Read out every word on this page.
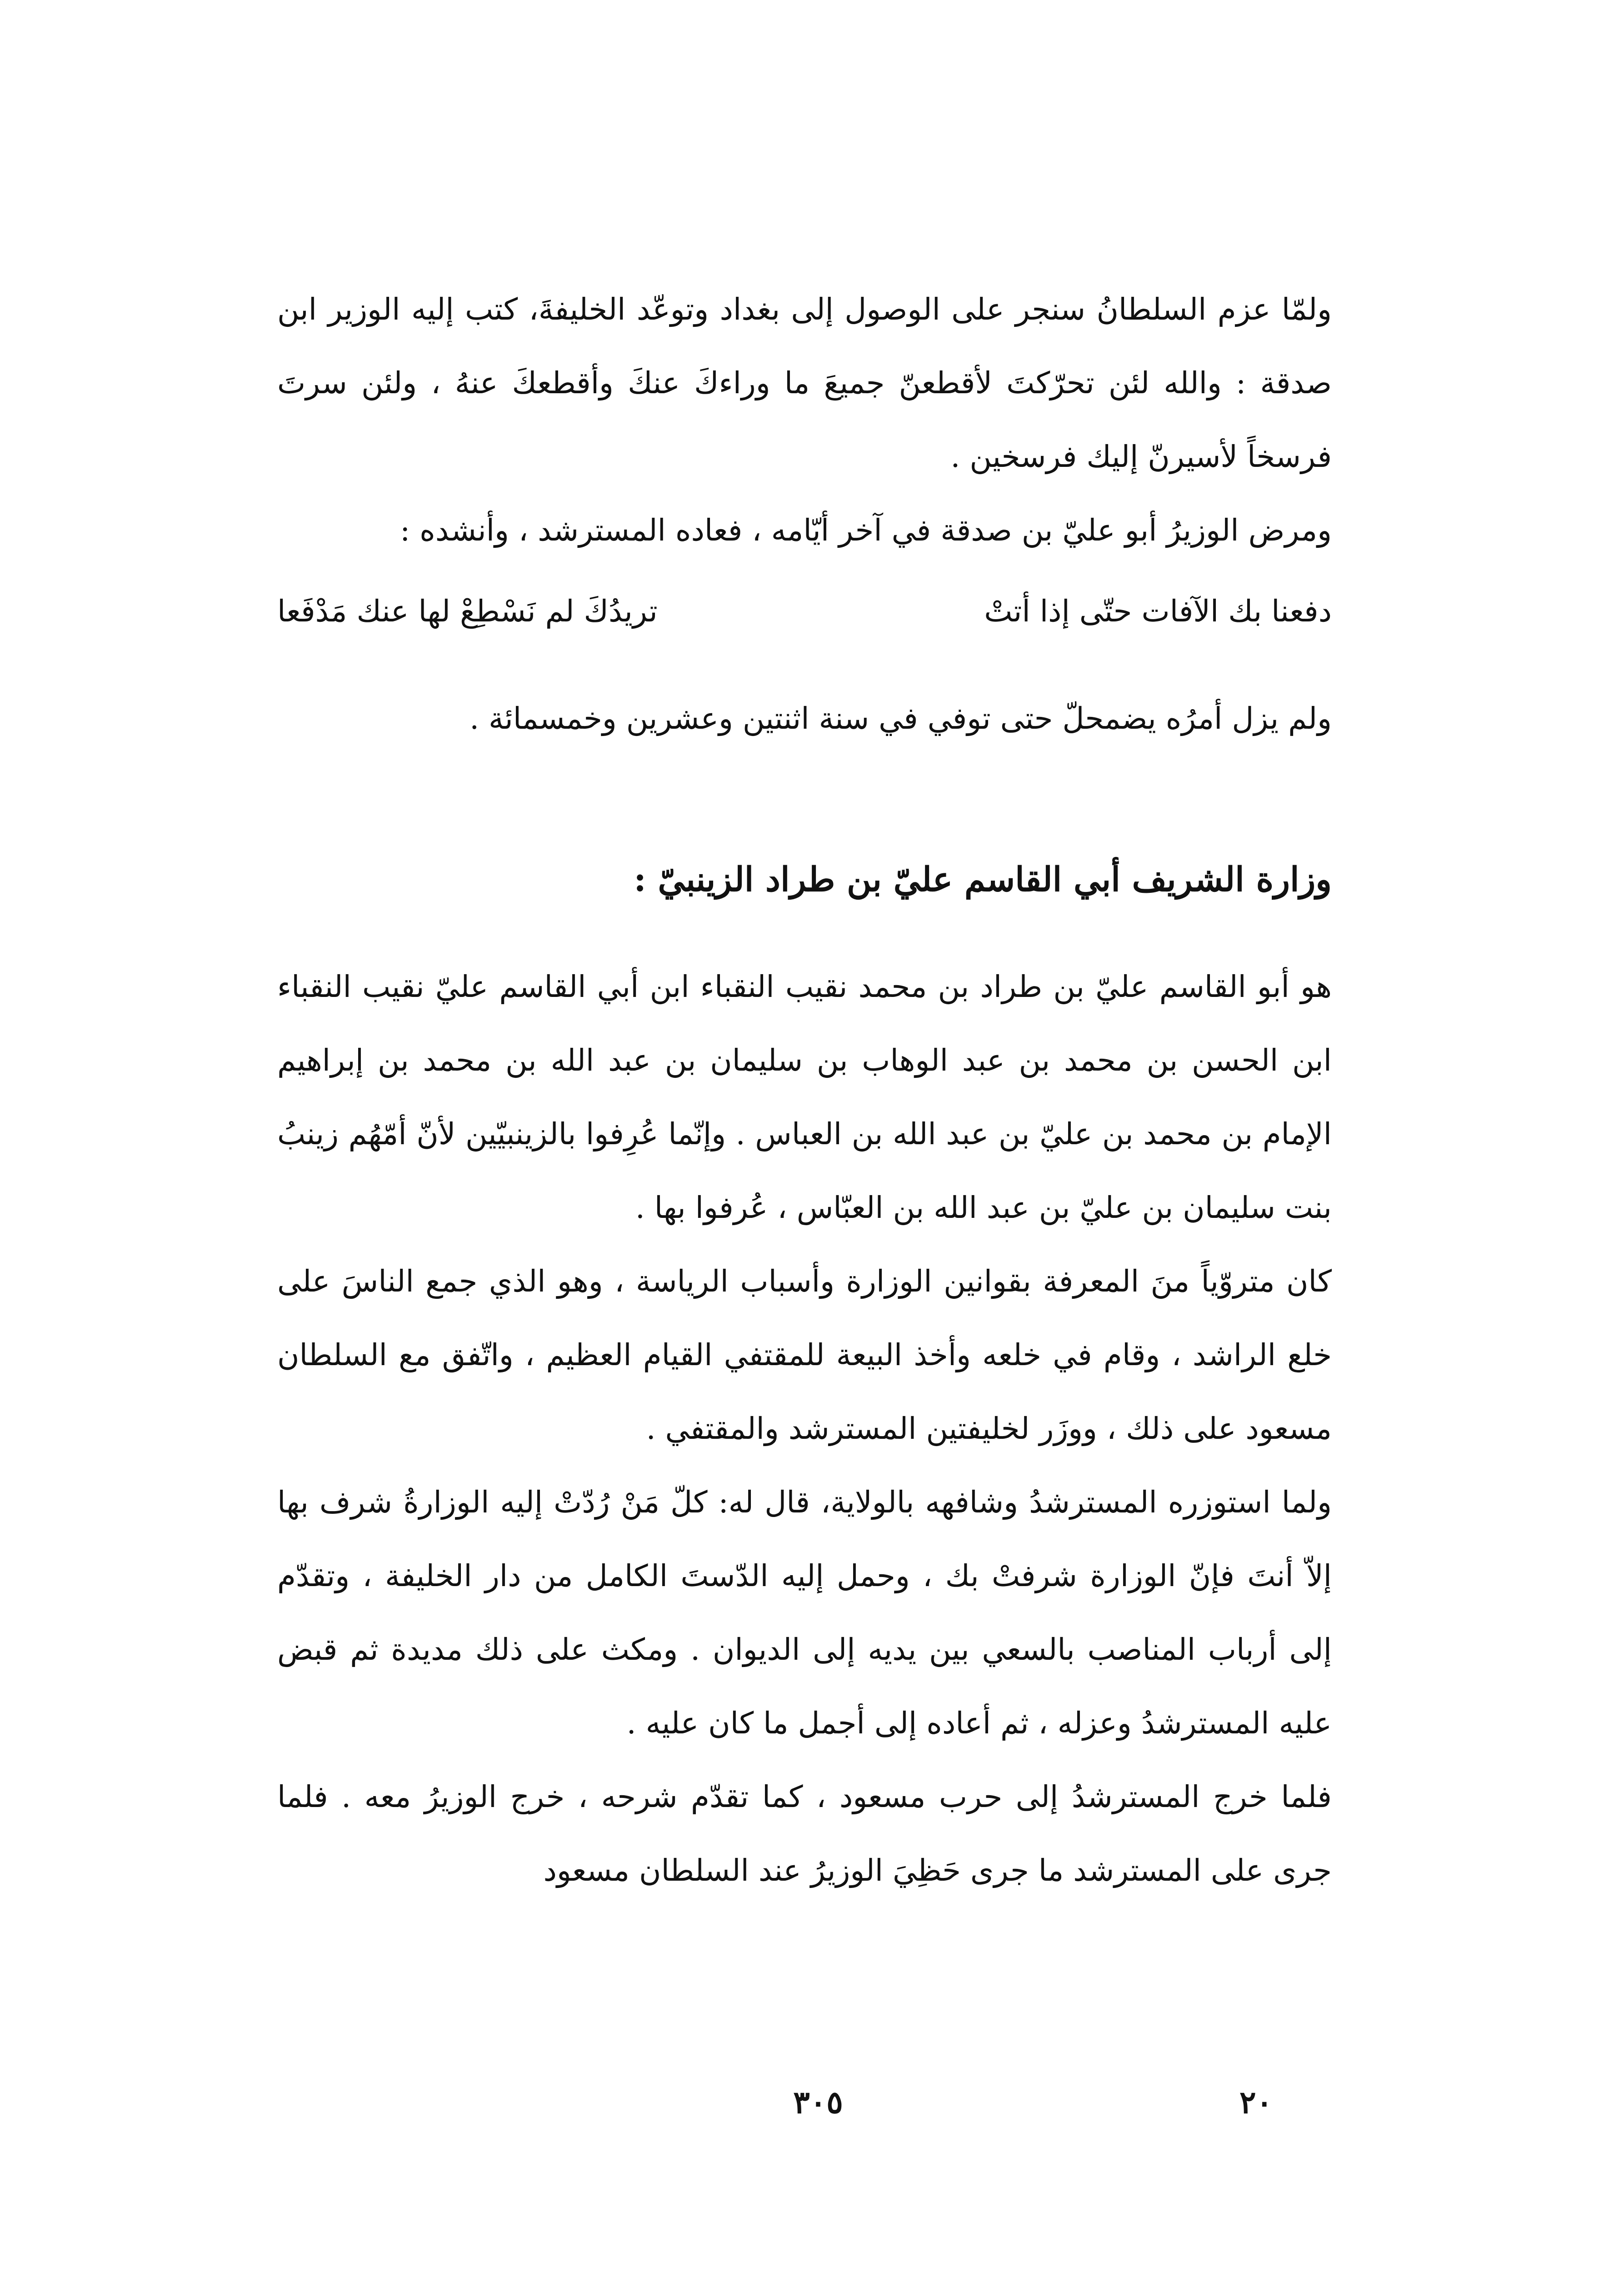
ولمّا عزم السلطانُ سنجر على الوصول إلى بغداد وتوعّد الخليفةَ، كتب إليه الوزير ابن صدقة : والله لئن تحرّكتَ لأقطعنّ جميعَ ما وراءكَ عنكَ وأقطعكَ عنهُ ، ولئن سرتَ فرسخاً لأسيرنّ إليك فرسخين .

ومرض الوزيرُ أبو عليّ بن صدقة في آخر أيّامه ، فعاده المسترشد ، وأنشده :

دفعنا بك الآفات حتّى إذا أتتْ
تريدُكَ لم نَسْطِعْ لها عنك مَدْفَعا

ولم يزل أمرُه يضمحلّ حتى توفي في سنة اثنتين وعشرين وخمسمائة .

وزارة الشريف أبي القاسم عليّ بن طراد الزينبيّ :

هو أبو القاسم عليّ بن طراد بن محمد نقيب النقباء ابن أبي القاسم عليّ نقيب النقباء ابن الحسن بن محمد بن عبد الوهاب بن سليمان بن عبد الله بن محمد بن إبراهيم الإمام بن محمد بن عليّ بن عبد الله بن العباس . وإنّما عُرِفوا بالزينبيّين لأنّ أمّهُم زينبُ بنت سليمان بن عليّ بن عبد الله بن العبّاس ، عُرفوا بها .

كان متروّياً منَ المعرفة بقوانين الوزارة وأسباب الرياسة ، وهو الذي جمع الناسَ على خلع الراشد ، وقام في خلعه وأخذ البيعة للمقتفي القيام العظيم ، واتّفق مع السلطان مسعود على ذلك ، ووزَر لخليفتين المسترشد والمقتفي .

ولما استوزره المسترشدُ وشافهه بالولاية، قال له: كلّ مَنْ رُدّتْ إليه الوزارةُ شرف بها إلاّ أنتَ فإنّ الوزارة شرفتْ بك ، وحمل إليه الدّستَ الكامل من دار الخليفة ، وتقدّم إلى أرباب المناصب بالسعي بين يديه إلى الديوان . ومكث على ذلك مديدة ثم قبض عليه المسترشدُ وعزله ، ثم أعاده إلى أجمل ما كان عليه .

فلما خرج المسترشدُ إلى حرب مسعود ، كما تقدّم شرحه ، خرج الوزيرُ معه . فلما جرى على المسترشد ما جرى حَظِيَ الوزيرُ عند السلطان مسعود

٣٠٥	٢٠
